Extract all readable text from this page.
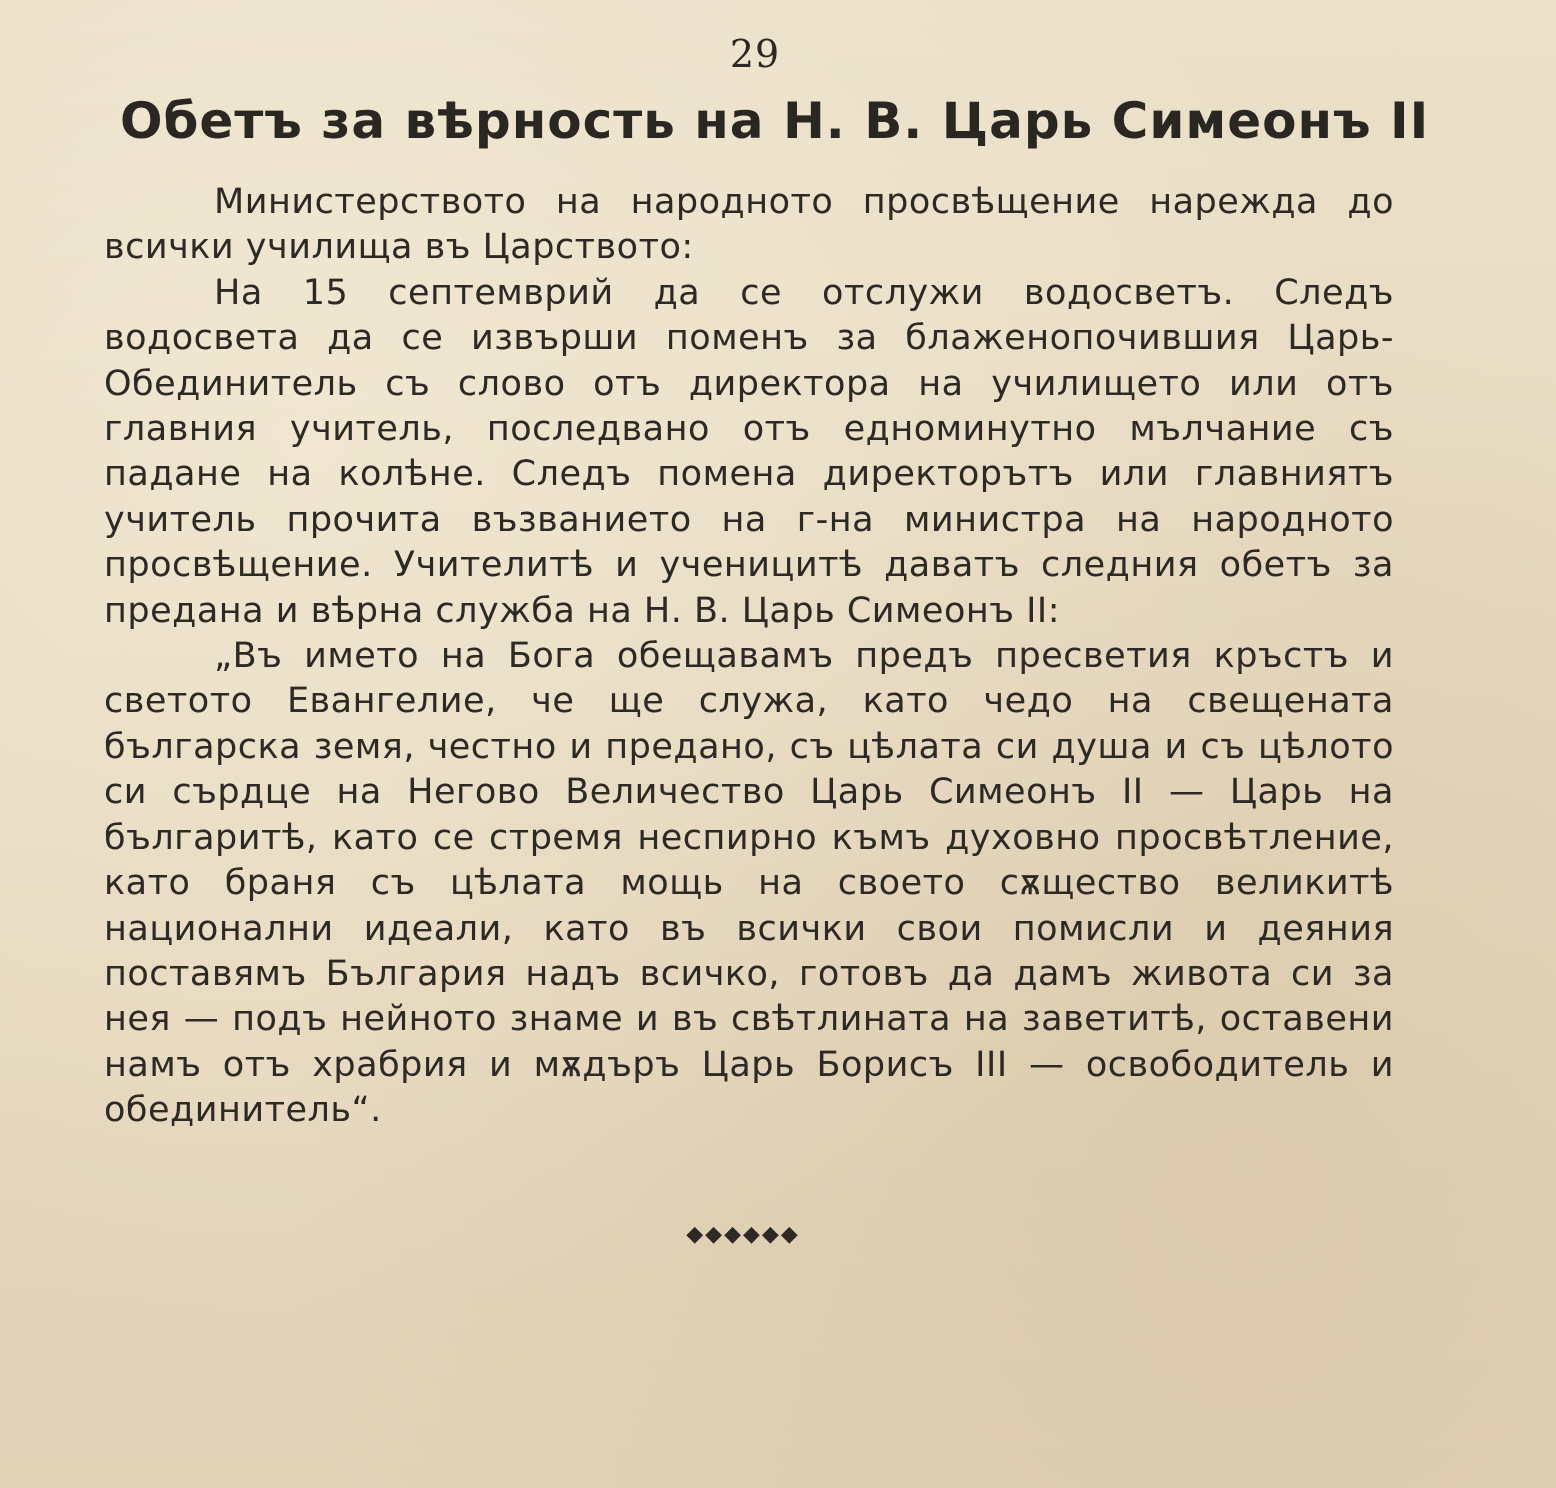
29
Обетъ за вѣрность на Н. В. Царь Симеонъ II

Министерството на народното просвѣщение нарежда до всички училища въ Царството:

На 15 септемврий да се отслужи водосветъ. Следъ водосвета да се извърши поменъ за блаженопочившия Царь-Обединитель съ слово отъ директора на училището или отъ главния учитель, последвано отъ едноминутно мълчание съ падане на колѣне. Следъ помена директорътъ или главниятъ учитель прочита възванието на г-на министра на народното просвѣщение. Учителитѣ и ученицитѣ даватъ следния обетъ за предана и вѣрна служба на Н. В. Царь Симеонъ II:

„Въ името на Бога обещавамъ предъ пресветия кръстъ и светото Евангелие, че ще служа, като чедо на свещената българска земя, честно и предано, съ цѣлата си душа и съ цѣлото си сърдце на Негово Величество Царь Симеонъ II — Царь на българитѣ, като се стремя неспирно къмъ духовно просвѣтление, като браня съ цѣлата мощь на своето сѫщество великитѣ национални идеали, като въ всички свои помисли и деяния поставямъ България надъ всичко, готовъ да дамъ живота си за нея — подъ нейното знаме и въ свѣтлината на заветитѣ, оставени намъ отъ храбрия и мѫдъръ Царь Борисъ III — освободитель и обединитель“.

◆◆◆◆◆◆
